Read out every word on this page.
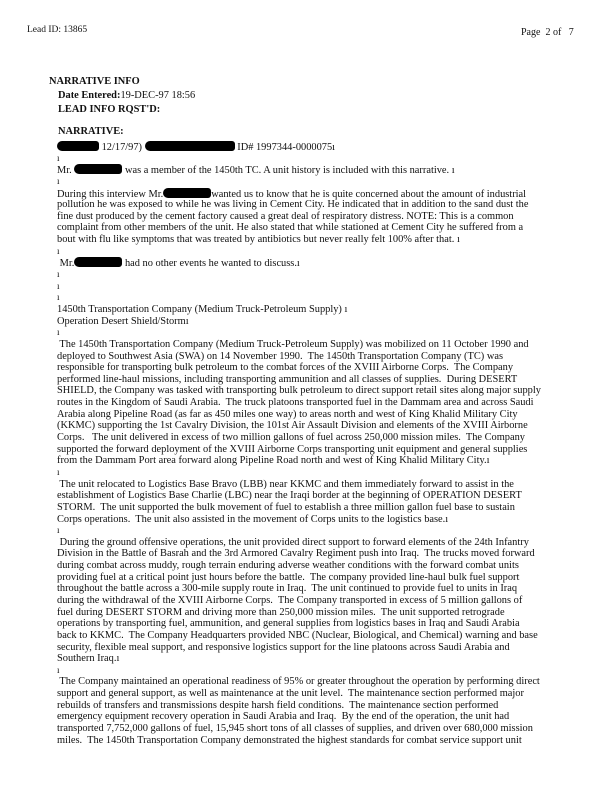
Lead ID: 13865	Page  2 of   7
NARRATIVE INFO
Date Entered:19-DEC-97 18:56
LEAD INFO RQST'D:
NARRATIVE:
12/17/97)	ID# 1997344-0000075ı
ı
Mr.	was a member of the 1450th TC. A unit history is included with this narrative. ı
ı
During this interview Mr.	wanted us to know that he is quite concerned about the amount of industrial
pollution he was exposed to while he was living in Cement City. He indicated that in addition to the sand dust the
fine dust produced by the cement factory caused a great deal of respiratory distress. NOTE: This is a common
complaint from other members of the unit. He also stated that while stationed at Cement City he suffered from a
bout with flu like symptoms that was treated by antibiotics but never really felt 100% after that. ı
ı
Mr.	had no other events he wanted to discuss.ı
ı
ı
ı
1450th Transportation Company (Medium Truck-Petroleum Supply) ı
Operation Desert Shield/Stormı
ı
The 1450th Transportation Company (Medium Truck-Petroleum Supply) was mobilized on 11 October 1990 and
deployed to Southwest Asia (SWA) on 14 November 1990.  The 1450th Transportation Company (TC) was
responsible for transporting bulk petroleum to the combat forces of the XVIII Airborne Corps.  The Company
performed line-haul missions, including transporting ammunition and all classes of supplies.  During DESERT
SHIELD, the Company was tasked with transporting bulk petroleum to direct support retail sites along major supply
routes in the Kingdom of Saudi Arabia.  The truck platoons transported fuel in the Dammam area and across Saudi
Arabia along Pipeline Road (as far as 450 miles one way) to areas north and west of King Khalid Military City
(KKMC) supporting the 1st Cavalry Division, the 101st Air Assault Division and elements of the XVIII Airborne
Corps.   The unit delivered in excess of two million gallons of fuel across 250,000 mission miles.  The Company
supported the forward deployment of the XVIII Airborne Corps transporting unit equipment and general supplies
from the Dammam Port area forward along Pipeline Road north and west of King Khalid Military City.ı
ı
The unit relocated to Logistics Base Bravo (LBB) near KKMC and them immediately forward to assist in the
establishment of Logistics Base Charlie (LBC) near the Iraqi border at the beginning of OPERATION DESERT
STORM.  The unit supported the bulk movement of fuel to establish a three million gallon fuel base to sustain
Corps operations.  The unit also assisted in the movement of Corps units to the logistics base.ı
ı
During the ground offensive operations, the unit provided direct support to forward elements of the 24th Infantry
Division in the Battle of Basrah and the 3rd Armored Cavalry Regiment push into Iraq.  The trucks moved forward
during combat across muddy, rough terrain enduring adverse weather conditions with the forward combat units
providing fuel at a critical point just hours before the battle.  The company provided line-haul bulk fuel support
throughout the battle across a 300-mile supply route in Iraq.  The unit continued to provide fuel to units in Iraq
during the withdrawal of the XVIII Airborne Corps.  The Company transported in excess of 5 million gallons of
fuel during DESERT STORM and driving more than 250,000 mission miles.  The unit supported retrograde
operations by transporting fuel, ammunition, and general supplies from logistics bases in Iraq and Saudi Arabia
back to KKMC.  The Company Headquarters provided NBC (Nuclear, Biological, and Chemical) warning and base
security, flexible meal support, and responsive logistics support for the line platoons across Saudi Arabia and
Southern Iraq.ı
ı
The Company maintained an operational readiness of 95% or greater throughout the operation by performing direct
support and general support, as well as maintenance at the unit level.  The maintenance section performed major
rebuilds of transfers and transmissions despite harsh field conditions.  The maintenance section performed
emergency equipment recovery operation in Saudi Arabia and Iraq.  By the end of the operation, the unit had
transported 7,752,000 gallons of fuel, 15,945 short tons of all classes of supplies, and driven over 680,000 mission
miles.  The 1450th Transportation Company demonstrated the highest standards for combat service support unit
